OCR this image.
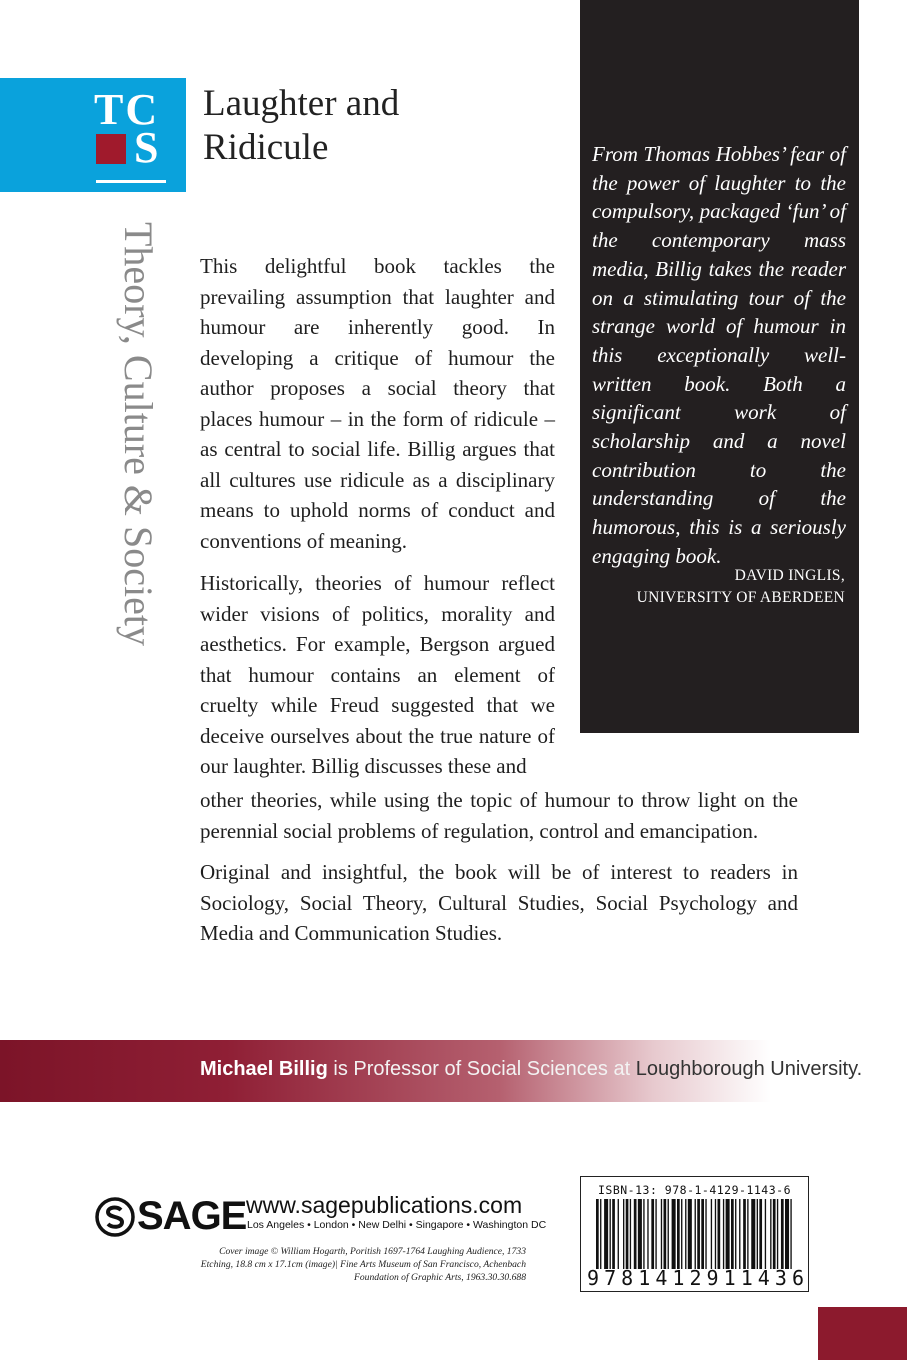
TC
S
Laughter and
Ridicule
Theory, Culture & Society
From Thomas Hobbes’ fear of the power of laughter to the compulsory, packaged ‘fun’ of the contemporary mass media, Billig takes the reader on a stimulating tour of the strange world of humour in this exceptionally well-written book. Both a significant work of scholarship and a novel contribution to the understanding of the humorous, this is a seriously engaging book.
DAVID INGLIS,
UNIVERSITY OF ABERDEEN

This delightful book tackles the prevailing assumption that laughter and humour are inherently good. In developing a critique of humour the author proposes a social theory that places humour – in the form of ridicule – as central to social life. Billig argues that all cultures use ridicule as a disciplinary means to uphold norms of conduct and conventions of meaning.

Historically, theories of humour reflect wider visions of politics, morality and aesthetics. For example, Bergson argued that humour contains an element of cruelty while Freud suggested that we deceive ourselves about the true nature of our laughter. Billig discusses these and

other theories, while using the topic of humour to throw light on the perennial social problems of regulation, control and emancipation.

Original and insightful, the book will be of interest to readers in Sociology, Social Theory, Cultural Studies, Social Psychology and Media and Communication Studies.

Michael Billig is Professor of Social Sciences at Loughborough University.
SAGE www.sagepublications.com
Los Angeles • London • New Delhi • Singapore • Washington DC
Cover image © William Hogarth, Poritish 1697-1764 Laughing Audience, 1733 Etching, 18.8 cm x 17.1cm (image)| Fine Arts Museum of San Francisco, Achenbach Foundation of Graphic Arts, 1963.30.30.688
ISBN-13: 978-1-4129-1143-6
9 7 8 1 4 1 2 9 1 1 4 3 6
